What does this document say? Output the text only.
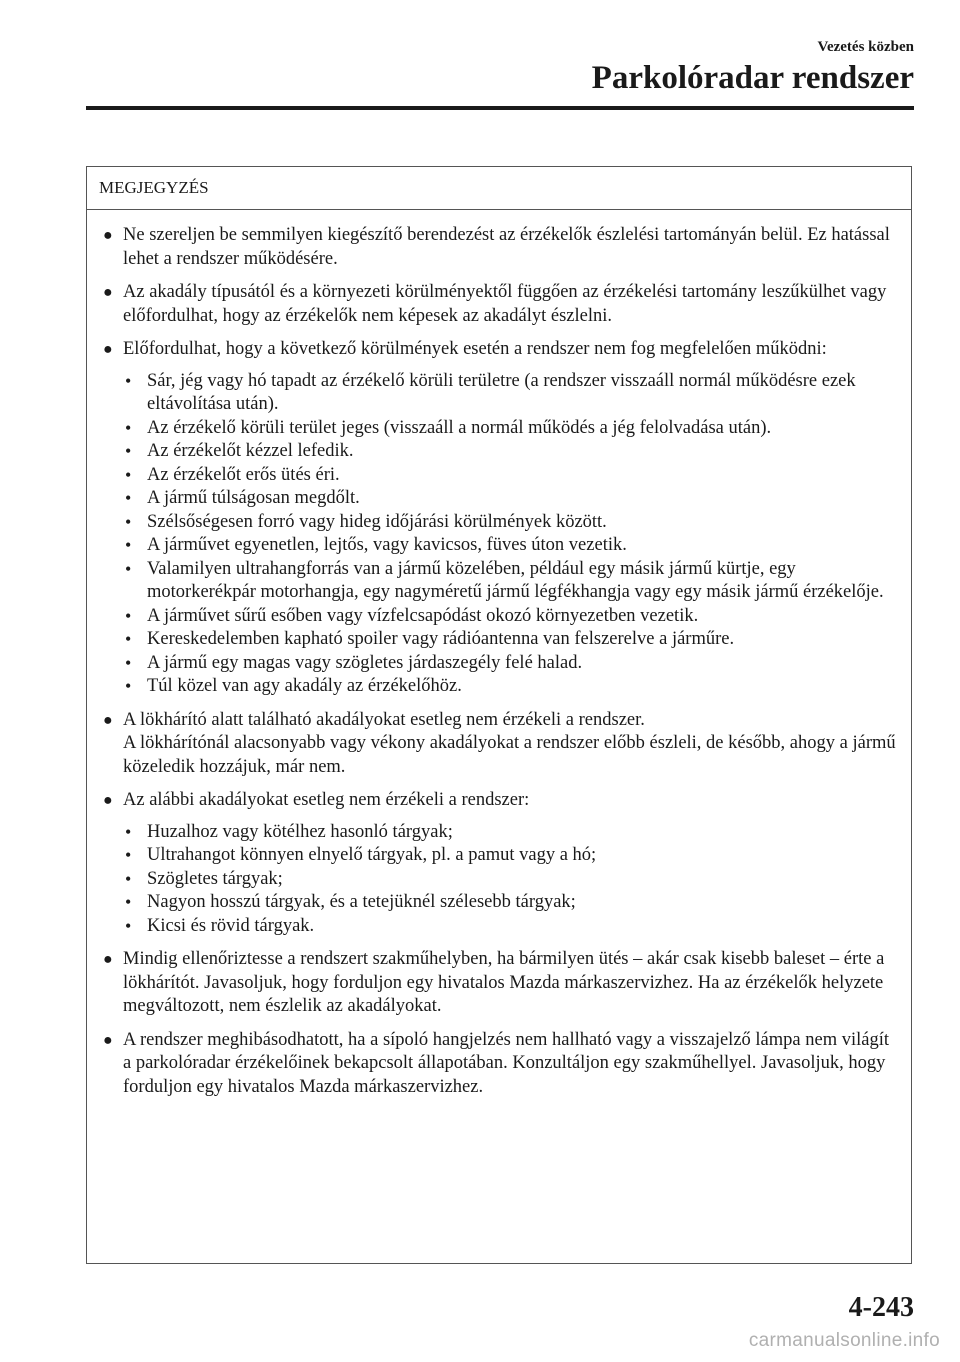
Vezetés közben
Parkolóradar rendszer
MEGJEGYZÉS
● Ne szereljen be semmilyen kiegészítő berendezést az érzékelők észlelési tartományán belül. Ez hatással lehet a rendszer működésére.
● Az akadály típusától és a környezeti körülményektől függően az érzékelési tartomány leszűkülhet vagy előfordulhat, hogy az érzékelők nem képesek az akadályt észlelni.
● Előfordulhat, hogy a következő körülmények esetén a rendszer nem fog megfelelően működni:
• Sár, jég vagy hó tapadt az érzékelő körüli területre (a rendszer visszaáll normál működésre ezek eltávolítása után).
• Az érzékelő körüli terület jeges (visszaáll a normál működés a jég felolvadása után).
• Az érzékelőt kézzel lefedik.
• Az érzékelőt erős ütés éri.
• A jármű túlságosan megdőlt.
• Szélsőségesen forró vagy hideg időjárási körülmények között.
• A járművet egyenetlen, lejtős, vagy kavicsos, füves úton vezetik.
• Valamilyen ultrahangforrás van a jármű közelében, például egy másik jármű kürtje, egy motorkerékpár motorhangja, egy nagyméretű jármű légfékhangja vagy egy másik jármű érzékelője.
• A járművet sűrű esőben vagy vízfelcsapódást okozó környezetben vezetik.
• Kereskedelemben kapható spoiler vagy rádióantenna van felszerelve a járműre.
• A jármű egy magas vagy szögletes járdaszegély felé halad.
• Túl közel van agy akadály az érzékelőhöz.
● A lökhárító alatt található akadályokat esetleg nem érzékeli a rendszer.
A lökhárítónál alacsonyabb vagy vékony akadályokat a rendszer előbb észleli, de később, ahogy a jármű közeledik hozzájuk, már nem.
● Az alábbi akadályokat esetleg nem érzékeli a rendszer:
• Huzalhoz vagy kötélhez hasonló tárgyak;
• Ultrahangot könnyen elnyelő tárgyak, pl. a pamut vagy a hó;
• Szögletes tárgyak;
• Nagyon hosszú tárgyak, és a tetejüknél szélesebb tárgyak;
• Kicsi és rövid tárgyak.
● Mindig ellenőriztesse a rendszert szakműhelyben, ha bármilyen ütés – akár csak kisebb baleset – érte a lökhárítót. Javasoljuk, hogy forduljon egy hivatalos Mazda márkaszervizhez. Ha az érzékelők helyzete megváltozott, nem észlelik az akadályokat.
● A rendszer meghibásodhatott, ha a sípoló hangjelzés nem hallható vagy a visszajelző lámpa nem világít a parkolóradar érzékelőinek bekapcsolt állapotában. Konzultáljon egy szakműhellyel. Javasoljuk, hogy forduljon egy hivatalos Mazda márkaszervizhez.
4-243
carmanualsonline.info
